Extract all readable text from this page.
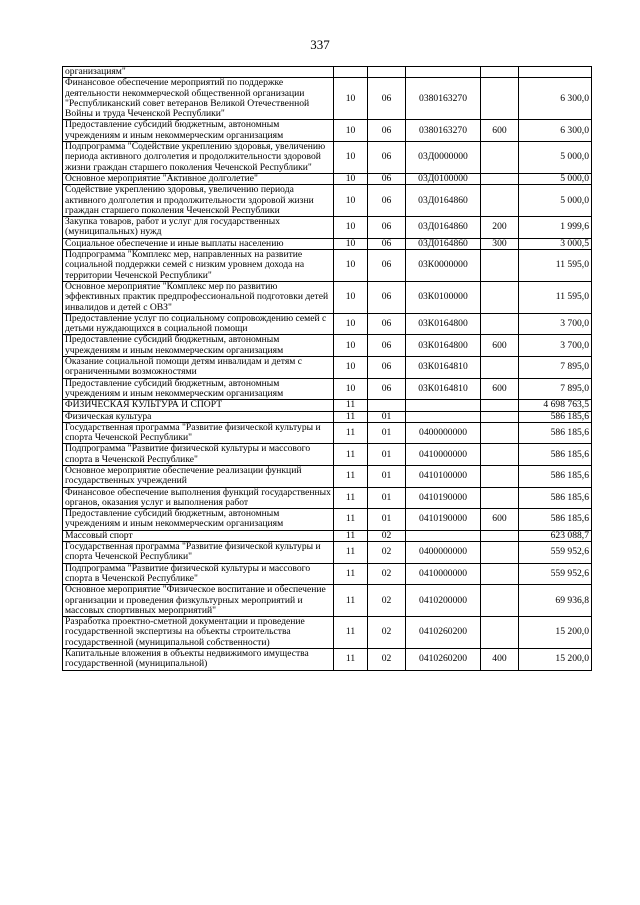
337
организациям"					
Финансовое обеспечение мероприятий по поддержке деятельности некоммерческой общественной организации "Республиканский совет ветеранов Великой Отечественной Войны и труда Чеченской Республики"	10	06	0380163270		6 300,0
Предоставление субсидий бюджетным, автономным учреждениям и иным некоммерческим организациям	10	06	0380163270	600	6 300,0
Подпрограмма "Содействие укреплению здоровья, увеличению периода активного долголетия и продолжительности здоровой жизни граждан старшего поколения Чеченской Республики"	10	06	03Д0000000		5 000,0
Основное мероприятие "Активное долголетие"	10	06	03Д0100000		5 000,0
Содействие укреплению здоровья, увеличению периода активного долголетия и продолжительности здоровой жизни граждан старшего поколения Чеченской Республики	10	06	03Д0164860		5 000,0
Закупка товаров, работ и услуг для государственных (муниципальных) нужд	10	06	03Д0164860	200	1 999,6
Социальное обеспечение и иные выплаты населению	10	06	03Д0164860	300	3 000,5
Подпрограмма "Комплекс мер, направленных на развитие социальной поддержки семей с низким уровнем дохода на территории Чеченской Республики"	10	06	03К0000000		11 595,0
Основное мероприятие "Комплекс мер по развитию эффективных практик предпрофессиональной подготовки детей инвалидов и детей с ОВЗ"	10	06	03К0100000		11 595,0
Предоставление услуг по социальному сопровождению семей с детьми нуждающихся в социальной помощи	10	06	03К0164800		3 700,0
Предоставление субсидий бюджетным, автономным учреждениям и иным некоммерческим организациям	10	06	03К0164800	600	3 700,0
Оказание социальной помощи детям инвалидам и детям с ограниченными возможностями	10	06	03К0164810		7 895,0
Предоставление субсидий бюджетным, автономным учреждениям и иным некоммерческим организациям	10	06	03К0164810	600	7 895,0
ФИЗИЧЕСКАЯ КУЛЬТУРА И СПОРТ	11				4 698 763,5
Физическая культура	11	01			586 185,6
Государственная программа "Развитие физической культуры и спорта Чеченской Республики"	11	01	0400000000		586 185,6
Подпрограмма "Развитие физической культуры и массового спорта в Чеченской Республике"	11	01	0410000000		586 185,6
Основное мероприятие обеспечение реализации функций государственных учреждений	11	01	0410100000		586 185,6
Финансовое обеспечение выполнения функций государственных органов, оказания услуг и выполнения работ	11	01	0410190000		586 185,6
Предоставление субсидий бюджетным, автономным учреждениям и иным некоммерческим организациям	11	01	0410190000	600	586 185,6
Массовый спорт	11	02			623 088,7
Государственная программа "Развитие физической культуры и спорта Чеченской Республики"	11	02	0400000000		559 952,6
Подпрограмма "Развитие физической культуры и массового спорта в Чеченской Республике"	11	02	0410000000		559 952,6
Основное мероприятие "Физическое воспитание и обеспечение организации и проведения физкультурных мероприятий и массовых спортивных мероприятий"	11	02	0410200000		69 936,8
Разработка проектно-сметной документации и проведение государственной экспертизы на объекты строительства государственной (муниципальной собственности)	11	02	0410260200		15 200,0
Капитальные вложения в объекты недвижимого имущества государственной (муниципальной)	11	02	0410260200	400	15 200,0
